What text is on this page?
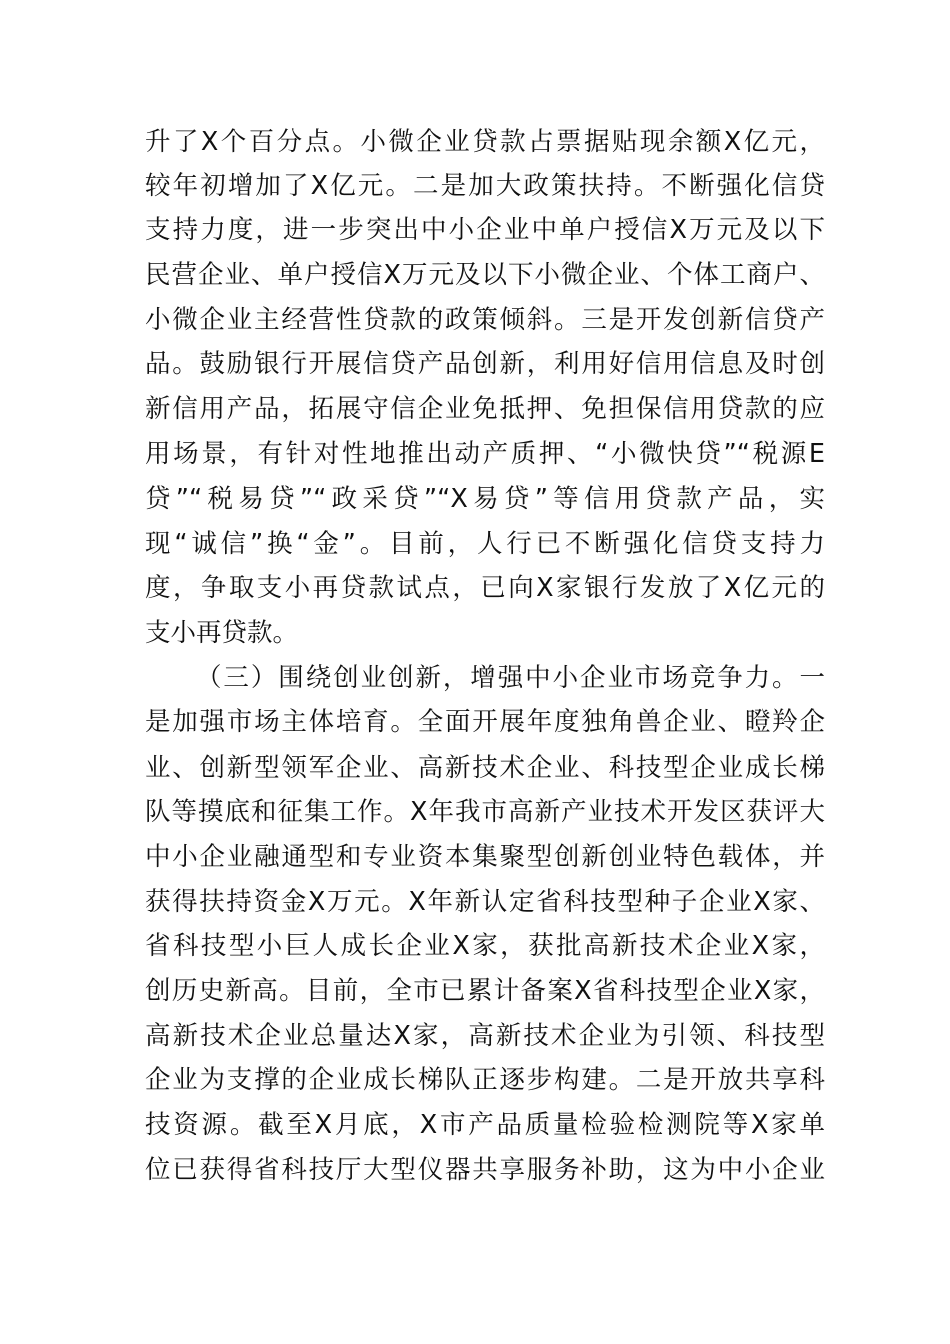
升了X个百分点。小微企业贷款占票据贴现余额X亿元，
较年初增加了X亿元。二是加大政策扶持。不断强化信贷
支持力度，进一步突出中小企业中单户授信X万元及以下
民营企业、单户授信X万元及以下小微企业、个体工商户、
小微企业主经营性贷款的政策倾斜。三是开发创新信贷产
品。鼓励银行开展信贷产品创新，利用好信用信息及时创
新信用产品，拓展守信企业免抵押、免担保信用贷款的应
用场景，有针对性地推出动产质押、“小微快贷”“税源E
贷”“税易贷”“政采贷”“X易贷”等信用贷款产品，实
现“诚信”换“金”。目前，人行已不断强化信贷支持力
度，争取支小再贷款试点，已向X家银行发放了X亿元的
支小再贷款。
（三）围绕创业创新，增强中小企业市场竞争力。一
是加强市场主体培育。全面开展年度独角兽企业、瞪羚企
业、创新型领军企业、高新技术企业、科技型企业成长梯
队等摸底和征集工作。X年我市高新产业技术开发区获评大
中小企业融通型和专业资本集聚型创新创业特色载体，并
获得扶持资金X万元。X年新认定省科技型种子企业X家、
省科技型小巨人成长企业X家，获批高新技术企业X家，
创历史新高。目前，全市已累计备案X省科技型企业X家，
高新技术企业总量达X家，高新技术企业为引领、科技型
企业为支撑的企业成长梯队正逐步构建。二是开放共享科
技资源。截至X月底，X市产品质量检验检测院等X家单
位已获得省科技厅大型仪器共享服务补助，这为中小企业
